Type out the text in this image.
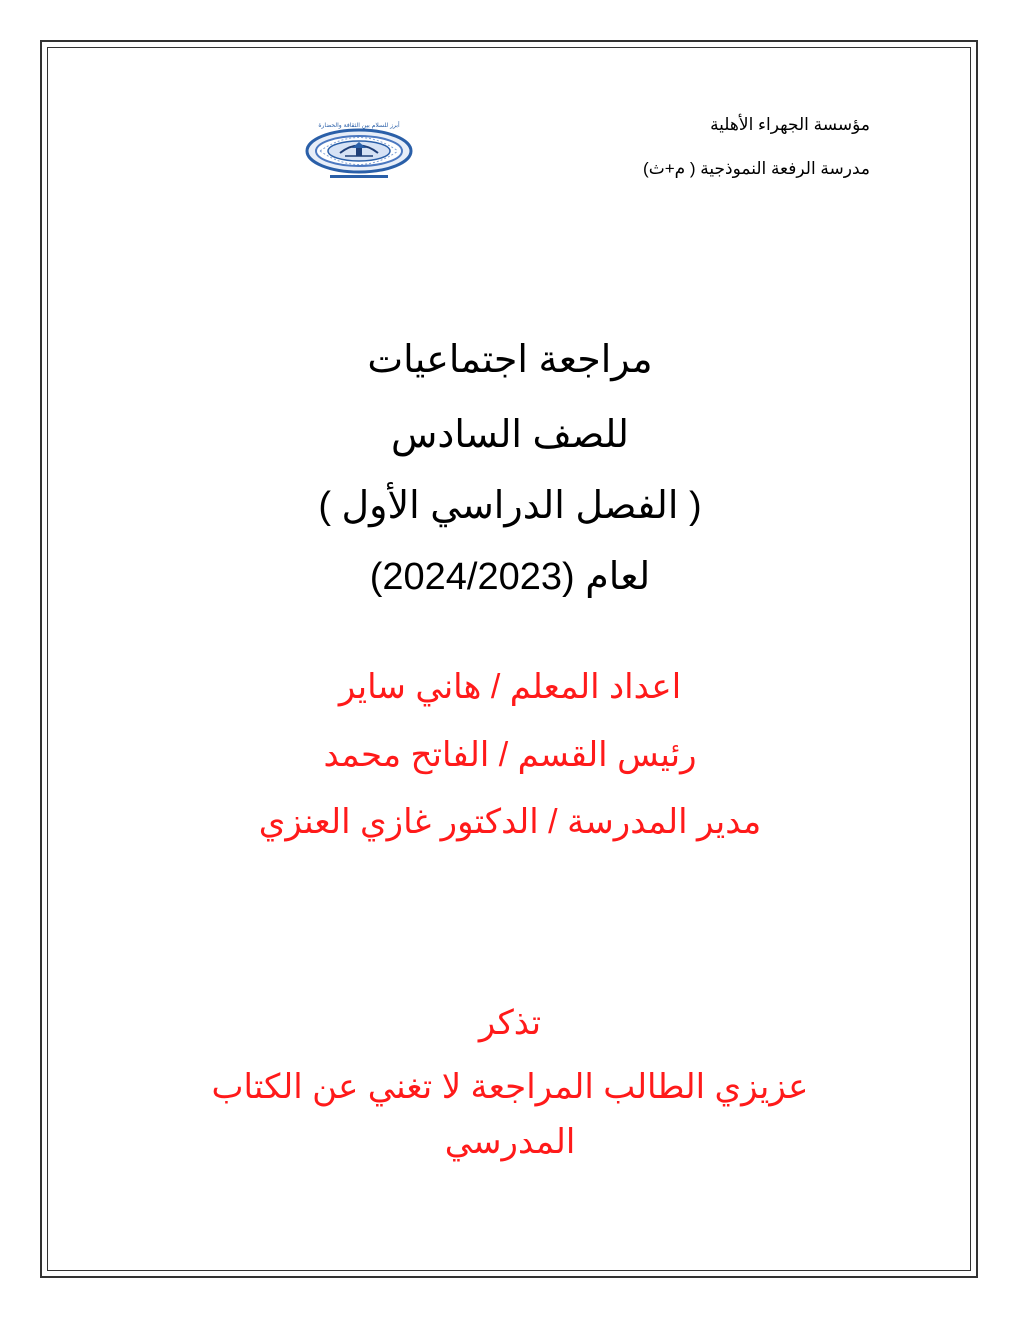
مؤسسة الجهراء الأهلية
مدرسة الرفعة النموذجية ( م+ث)
أبرز للسلام بين الثقافة والحضارة
مراجعة اجتماعيات
للصف السادس
( الفصل الدراسي الأول )
لعام (2024/2023)
اعداد المعلم / هاني ساير
رئيس القسم / الفاتح محمد
مدير المدرسة / الدكتور غازي العنزي
تذكر
عزيزي الطالب المراجعة لا تغني عن الكتاب
المدرسي
